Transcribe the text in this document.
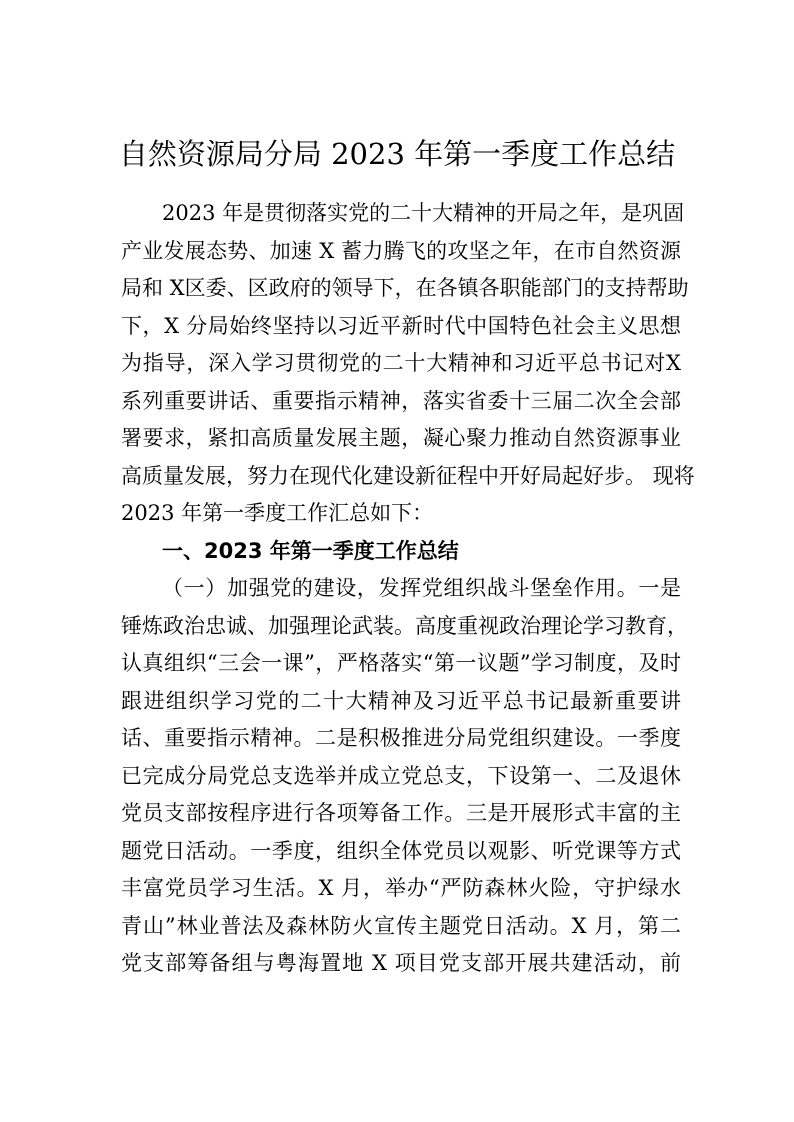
自然资源局分局 2023 年第一季度工作总结
2023 年是贯彻落实党的二十大精神的开局之年，是巩固
产业发展态势、加速 X 蓄力腾飞的攻坚之年，在市自然资源
局和 X区委、区政府的领导下，在各镇各职能部门的支持帮助
下，X 分局始终坚持以习近平新时代中国特色社会主义思想
为指导，深入学习贯彻党的二十大精神和习近平总书记对X
系列重要讲话、重要指示精神，落实省委十三届二次全会部
署要求，紧扣高质量发展主题，凝心聚力推动自然资源事业
高质量发展，努力在现代化建设新征程中开好局起好步。 现将
2023 年第一季度工作汇总如下：
一、2023 年第一季度工作总结
（一）加强党的建设，发挥党组织战斗堡垒作用。一是
锤炼政治忠诚、加强理论武装。高度重视政治理论学习教育，
认真组织“三会一课”，严格落实“第一议题”学习制度，及时
跟进组织学习党的二十大精神及习近平总书记最新重要讲
话、重要指示精神。二是积极推进分局党组织建设。一季度
已完成分局党总支选举并成立党总支，下设第一、二及退休
党员支部按程序进行各项筹备工作。三是开展形式丰富的主
题党日活动。一季度，组织全体党员以观影、听党课等方式
丰富党员学习生活。X 月，举办“严防森林火险，守护绿水
青山”林业普法及森林防火宣传主题党日活动。X 月，第二
党支部筹备组与粤海置地 X 项目党支部开展共建活动，前
